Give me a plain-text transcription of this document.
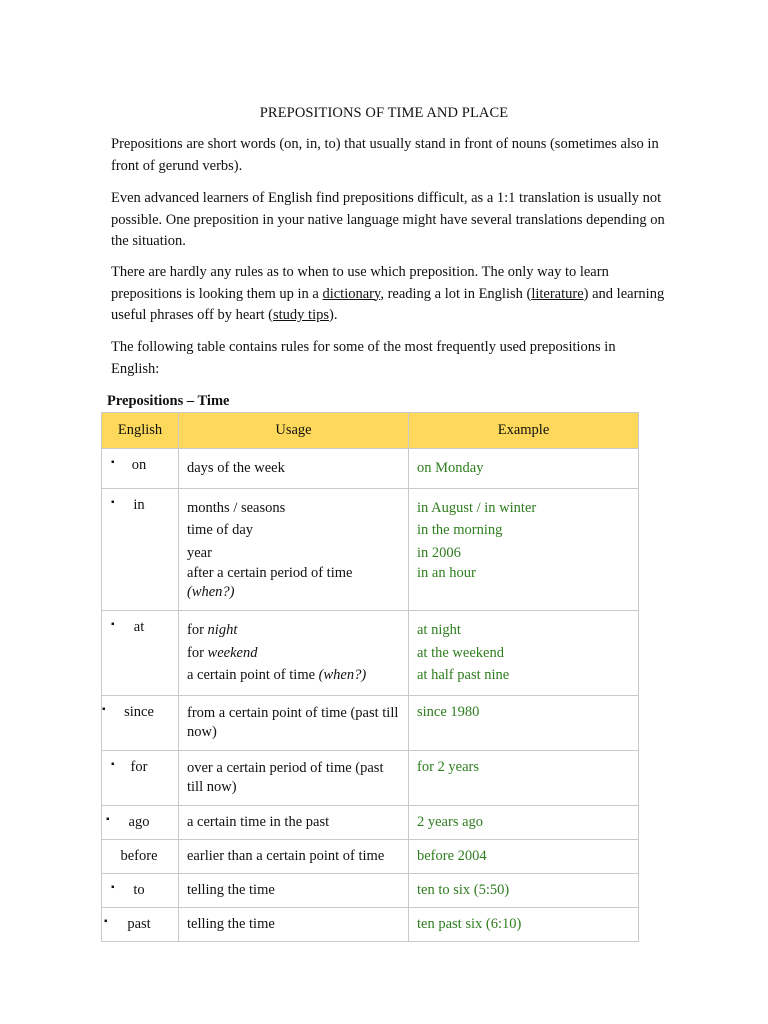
PREPOSITIONS OF TIME AND PLACE
Prepositions are short words (on, in, to) that usually stand in front of nouns (sometimes also in front of gerund verbs).
Even advanced learners of English find prepositions difficult, as a 1:1 translation is usually not possible. One preposition in your native language might have several translations depending on the situation.
There are hardly any rules as to when to use which preposition. The only way to learn prepositions is looking them up in a dictionary, reading a lot in English (literature) and learning useful phrases off by heart (study tips).
The following table contains rules for some of the most frequently used prepositions in English:
Prepositions – Time
English	Usage	Example

▪ on	days of the week	on Monday

▪ in	months / seasons
time of day
year
after a certain period of time
(when?)	in August / in winter
in the morning
in 2006
in an hour

▪ at	for night
for weekend
a certain point of time (when?)	at night
at the weekend
at half past nine

▪ since	from a certain point of time (past till now)	since 1980

▪ for	over a certain period of time (past till now)	for 2 years

▪ ago	a certain time in the past	2 years ago
before	earlier than a certain point of time	before 2004

▪ to	telling the time	ten to six (5:50)

▪ past	telling the time	ten past six (6:10)
